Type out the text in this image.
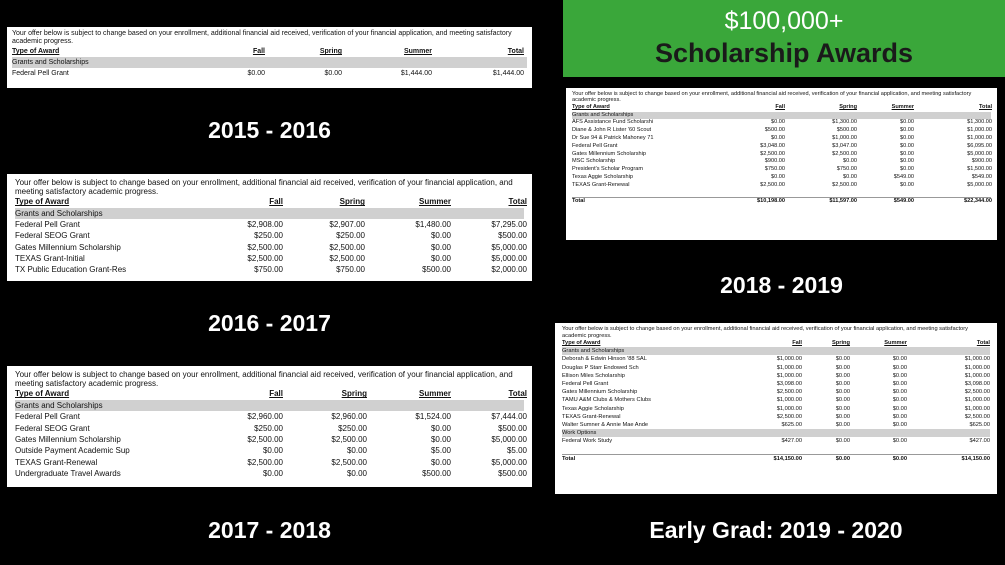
Your offer below is subject to change based on your enrollment, additional financial aid received, verification of your financial application, and meeting satisfactory academic progress.
Type of Award	Fall	Spring	Summer	Total
Grants and Scholarships
Federal Pell Grant	$0.00	$0.00	$1,444.00	$1,444.00
Your offer below is subject to change based on your enrollment, additional financial aid received, verification of your financial application, and meeting satisfactory academic progress.
Type of Award	Fall	Spring	Summer	Total
Grants and Scholarships
Federal Pell Grant	$2,908.00	$2,907.00	$1,480.00	$7,295.00
Federal SEOG Grant	$250.00	$250.00	$0.00	$500.00
Gates Millennium Scholarship	$2,500.00	$2,500.00	$0.00	$5,000.00
TEXAS Grant-Initial	$2,500.00	$2,500.00	$0.00	$5,000.00
TX Public Education Grant-Res	$750.00	$750.00	$500.00	$2,000.00
Your offer below is subject to change based on your enrollment, additional financial aid received, verification of your financial application, and meeting satisfactory academic progress.
Type of Award	Fall	Spring	Summer	Total
Grants and Scholarships
Federal Pell Grant	$2,960.00	$2,960.00	$1,524.00	$7,444.00
Federal SEOG Grant	$250.00	$250.00	$0.00	$500.00
Gates Millennium Scholarship	$2,500.00	$2,500.00	$0.00	$5,000.00
Outside Payment Academic Sup	$0.00	$0.00	$5.00	$5.00
TEXAS Grant-Renewal	$2,500.00	$2,500.00	$0.00	$5,000.00
Undergraduate Travel Awards	$0.00	$0.00	$500.00	$500.00
Your offer below is subject to change based on your enrollment, additional financial aid received, verification of your financial application, and meeting satisfactory academic progress.
Type of Award	Fall	Spring	Summer	Total
Grants and Scholarships
AFS Assistance Fund Scholarshi	$0.00	$1,300.00	$0.00	$1,300.00
Diane & John R Lister '60 Scout	$500.00	$500.00	$0.00	$1,000.00
Dr Sue 94 & Patrick Mahoney 71	$0.00	$1,000.00	$0.00	$1,000.00
Federal Pell Grant	$3,048.00	$3,047.00	$0.00	$6,095.00
Gates Millennium Scholarship	$2,500.00	$2,500.00	$0.00	$5,000.00
MSC Scholarship	$900.00	$0.00	$0.00	$900.00
President's Scholar Program	$750.00	$750.00	$0.00	$1,500.00
Texas Aggie Scholarship	$0.00	$0.00	$549.00	$549.00
TEXAS Grant-Renewal	$2,500.00	$2,500.00	$0.00	$5,000.00
Total	$10,198.00	$11,597.00	$549.00	$22,344.00
Your offer below is subject to change based on your enrollment, additional financial aid received, verification of your financial application, and meeting satisfactory academic progress.
Type of Award	Fall	Spring	Summer	Total
Grants and Scholarships
Deborah & Edwin Hinson '88 SAL	$1,000.00	$0.00	$0.00	$1,000.00
Douglas P Starr Endowed Sch	$1,000.00	$0.00	$0.00	$1,000.00
Ellison Miles Scholarship	$1,000.00	$0.00	$0.00	$1,000.00
Federal Pell Grant	$3,098.00	$0.00	$0.00	$3,098.00
Gates Millennium Scholarship	$2,500.00	$0.00	$0.00	$2,500.00
TAMU A&M Clubs & Mothers Clubs	$1,000.00	$0.00	$0.00	$1,000.00
Texas Aggie Scholarship	$1,000.00	$0.00	$0.00	$1,000.00
TEXAS Grant-Renewal	$2,500.00	$0.00	$0.00	$2,500.00
Walter Sumner & Annie Mae Ande	$625.00	$0.00	$0.00	$625.00
Work Options
Federal Work Study	$427.00	$0.00	$0.00	$427.00
Total	$14,150.00	$0.00	$0.00	$14,150.00
$100,000+
Scholarship Awards
2015 - 2016
2016 - 2017
2017 - 2018
2018 - 2019
Early Grad: 2019 - 2020
